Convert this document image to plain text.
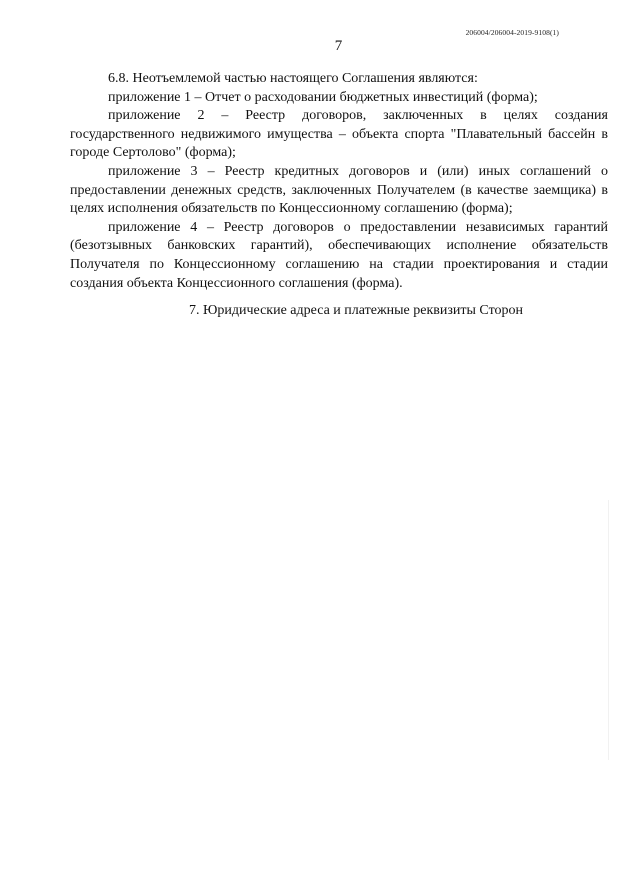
206004/206004-2019-9108(1)
7

6.8. Неотъемлемой частью настоящего Соглашения являются:

приложение 1 – Отчет о расходовании бюджетных инвестиций (форма);

приложение 2 – Реестр договоров, заключенных в целях создания государственного недвижимого имущества – объекта спорта "Плавательный бассейн в городе Сертолово" (форма);

приложение 3 – Реестр кредитных договоров и (или) иных соглашений о предоставлении денежных средств, заключенных Получателем (в качестве заемщика) в целях исполнения обязательств по Концессионному соглашению (форма);

приложение 4 – Реестр договоров о предоставлении независимых гарантий (безотзывных банковских гарантий), обеспечивающих исполнение обязательств Получателя по Концессионному соглашению на стадии проектирования и стадии создания объекта Концессионного соглашения (форма).

7. Юридические адреса и платежные реквизиты Сторон
